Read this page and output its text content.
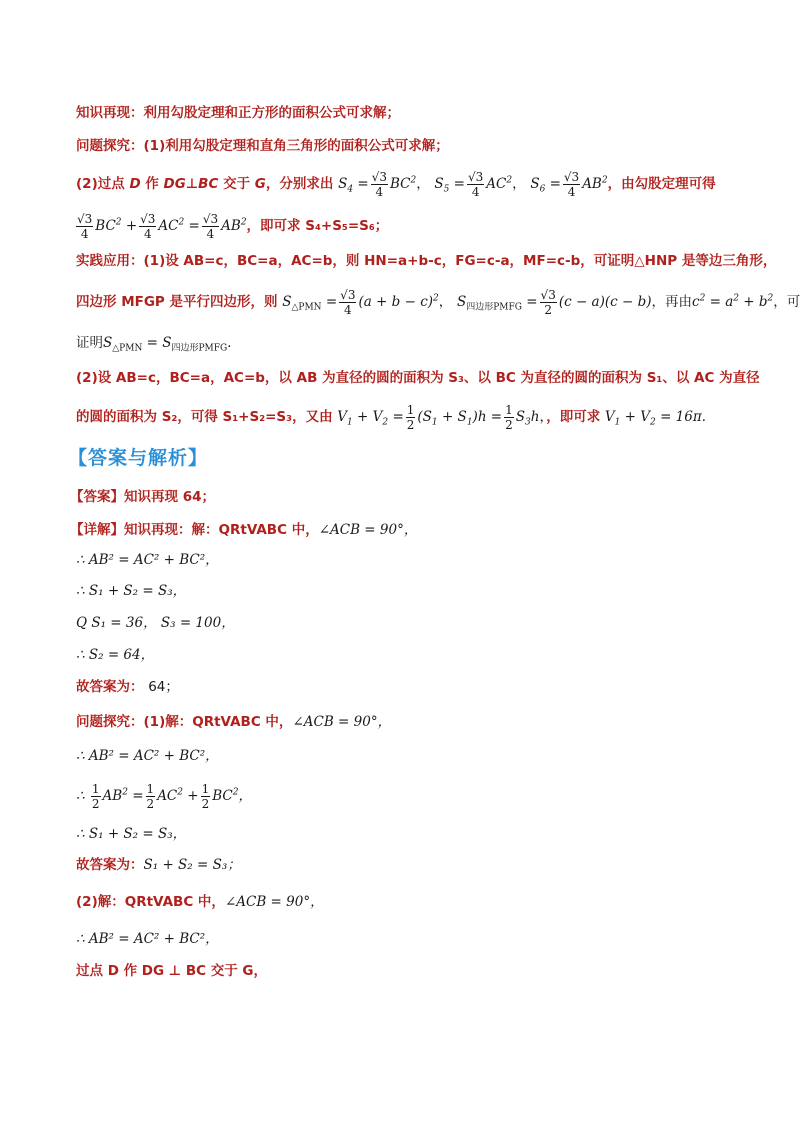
知识再现：利用勾股定理和正方形的面积公式可求解；
问题探究：(1)利用勾股定理和直角三角形的面积公式可求解；
(2)过点 D 作 DG⊥BC 交于 G，分别求出 $S_4 = \frac{√3}{4} BC^2$， $S_5 = \frac{√3}{4} AC^2$， $S_6 = \frac{√3}{4} AB^2$，由勾股定理可得
$\frac{√3}{4} BC^2 + \frac{√3}{4} AC^2 = \frac{√3}{4} AB^2$，即可求 S₄+S₅=S₆；
实践应用：(1)设 AB=c，BC=a，AC=b，则 HN=a+b-c，FG=c-a，MF=c-b，可证明△HNP 是等边三角形，
四边形 MFGP 是平行四边形，则 $S_{\triangle PMN} = \frac{√3}{4} (a + b - c)^2$， $S_{四边形PMFG} = \frac{√3}{2} (c - a)(c - b)$，再由$c^2 = a^2 + b^2$，可
证明$S_{\triangle PMN} = S_{四边形PMFG}$．
(2)设 AB=c，BC=a，AC=b，以 AB 为直径的圆的面积为 S₃、以 BC 为直径的圆的面积为 S₁、以 AC 为直径
的圆的面积为 S₂，可得 S₁+S₂=S₃，又由 $V_1 + V_2 = \frac{1}{2} (S_1 + S_1)h = \frac{1}{2} S_3h$，，即可求 $V_1 + V_2 = 16\pi$．
【答案与解析】
【答案】知识再现 64；
【详解】知识再现：解：QRtVABC 中，∠ACB = 90°，
∴ AB² = AC² + BC²，
∴ S₁ + S₂ = S₃，
Q S₁ = 36， S₃ = 100，
∴ S₂ = 64，
故答案为： 64；
问题探究：(1)解：QRtVABC 中，∠ACB = 90°，
∴ AB² = AC² + BC²，
∴ $\frac{1}{2} AB^2 = \frac{1}{2} AC^2 + \frac{1}{2} BC^2$，
∴ S₁ + S₂ = S₃，
故答案为：S₁ + S₂ = S₃；
(2)解：QRtVABC 中，∠ACB = 90°，
∴ AB² = AC² + BC²，
过点 D 作 DG ⊥ BC 交于 G，
